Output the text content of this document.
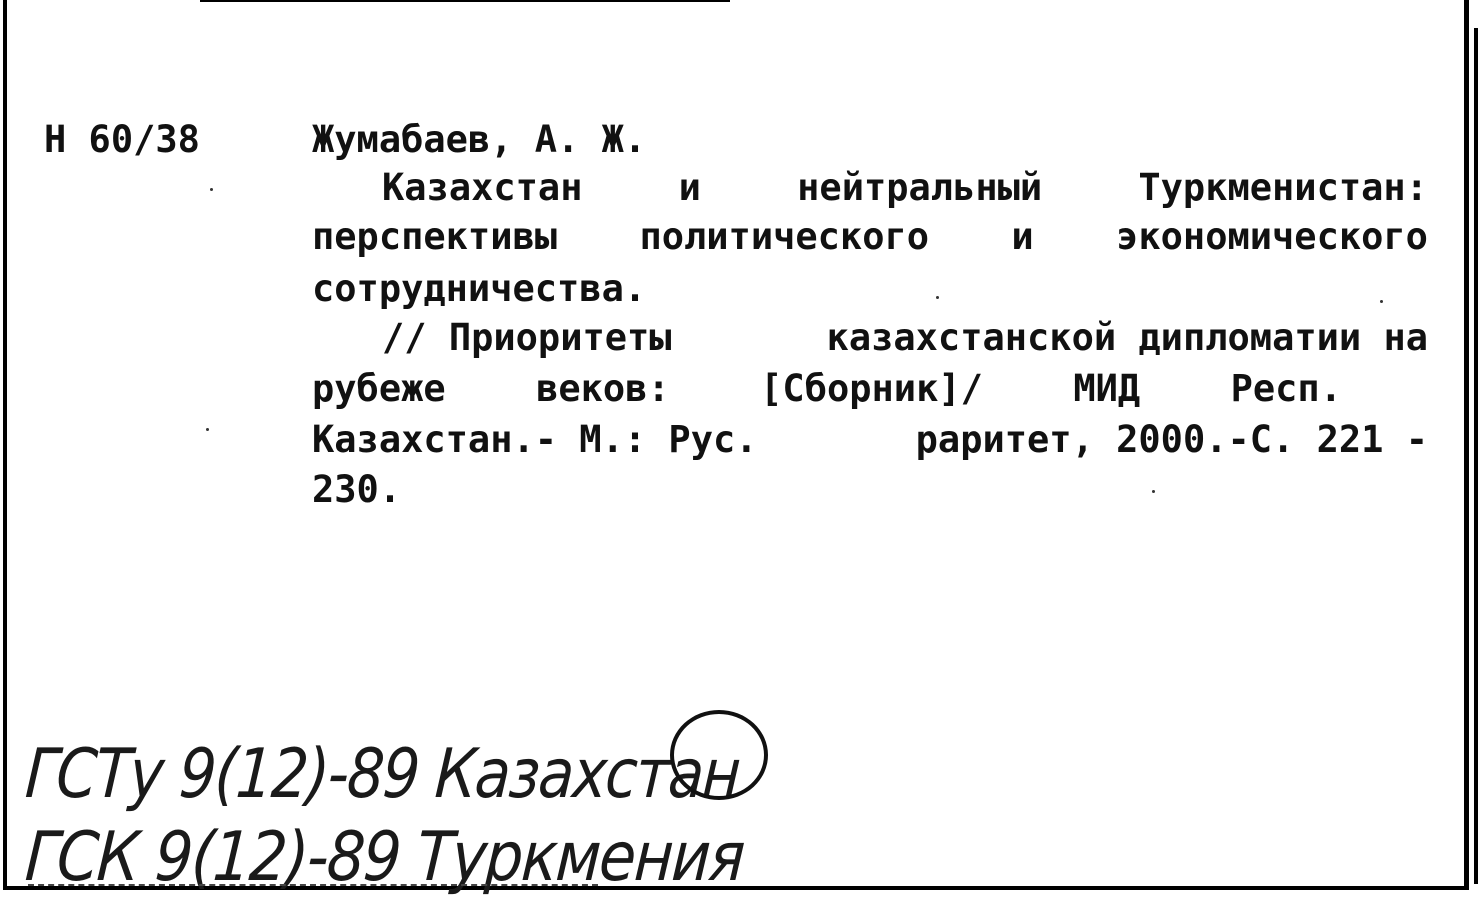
Н 60/38	Жумабаев, А. Ж.
Казахстан	и	нейтральный	Туркменистан:
перспективы политического и экономического
сотрудничества.
// Приоритеты	казахстанской дипломатии на
рубеже веков: [Сборник]/ МИД Респ.
Казахстан.- М.: Рус.	раритет, 2000.-С. 221 -
230.
ГСТу 9(12)-89 Казахстан
ГСК 9(12)-89 Туркмения
